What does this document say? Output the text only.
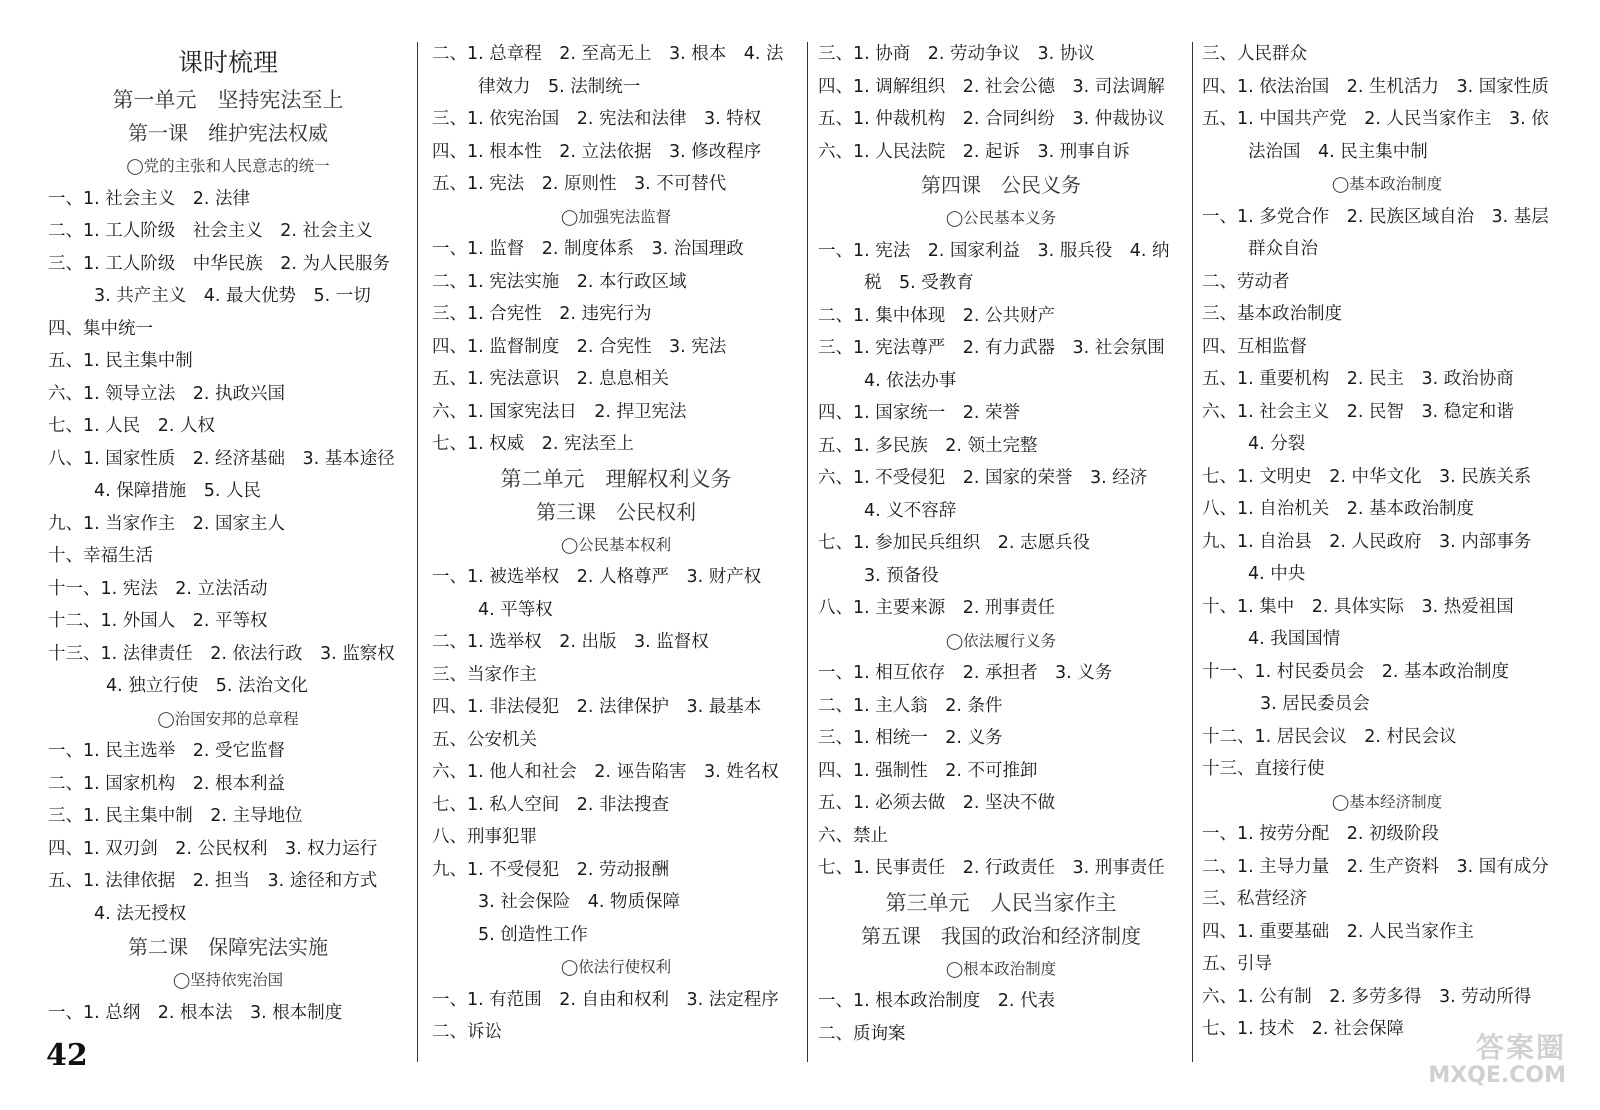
课时梳理
第一单元　坚持宪法至上
第一课　维护宪法权威
◯党的主张和人民意志的统一
一、1. 社会主义　2. 法律
二、1. 工人阶级　社会主义　2. 社会主义
三、1. 工人阶级　中华民族　2. 为人民服务
3. 共产主义　4. 最大优势　5. 一切
四、集中统一
五、1. 民主集中制
六、1. 领导立法　2. 执政兴国
七、1. 人民　2. 人权
八、1. 国家性质　2. 经济基础　3. 基本途径
4. 保障措施　5. 人民
九、1. 当家作主　2. 国家主人
十、幸福生活
十一、1. 宪法　2. 立法活动
十二、1. 外国人　2. 平等权
十三、1. 法律责任　2. 依法行政　3. 监察权
4. 独立行使　5. 法治文化
◯治国安邦的总章程
一、1. 民主选举　2. 受它监督
二、1. 国家机构　2. 根本利益
三、1. 民主集中制　2. 主导地位
四、1. 双刃剑　2. 公民权利　3. 权力运行
五、1. 法律依据　2. 担当　3. 途径和方式
4. 法无授权
第二课　保障宪法实施
◯坚持依宪治国
一、1. 总纲　2. 根本法　3. 根本制度
二、1. 总章程　2. 至高无上　3. 根本　4. 法
律效力　5. 法制统一
三、1. 依宪治国　2. 宪法和法律　3. 特权
四、1. 根本性　2. 立法依据　3. 修改程序
五、1. 宪法　2. 原则性　3. 不可替代
◯加强宪法监督
一、1. 监督　2. 制度体系　3. 治国理政
二、1. 宪法实施　2. 本行政区域
三、1. 合宪性　2. 违宪行为
四、1. 监督制度　2. 合宪性　3. 宪法
五、1. 宪法意识　2. 息息相关
六、1. 国家宪法日　2. 捍卫宪法
七、1. 权威　2. 宪法至上
第二单元　理解权利义务
第三课　公民权利
◯公民基本权利
一、1. 被选举权　2. 人格尊严　3. 财产权
4. 平等权
二、1. 选举权　2. 出版　3. 监督权
三、当家作主
四、1. 非法侵犯　2. 法律保护　3. 最基本
五、公安机关
六、1. 他人和社会　2. 诬告陷害　3. 姓名权
七、1. 私人空间　2. 非法搜查
八、刑事犯罪
九、1. 不受侵犯　2. 劳动报酬
3. 社会保险　4. 物质保障
5. 创造性工作
◯依法行使权利
一、1. 有范围　2. 自由和权利　3. 法定程序
二、诉讼
三、1. 协商　2. 劳动争议　3. 协议
四、1. 调解组织　2. 社会公德　3. 司法调解
五、1. 仲裁机构　2. 合同纠纷　3. 仲裁协议
六、1. 人民法院　2. 起诉　3. 刑事自诉
第四课　公民义务
◯公民基本义务
一、1. 宪法　2. 国家利益　3. 服兵役　4. 纳
税　5. 受教育
二、1. 集中体现　2. 公共财产
三、1. 宪法尊严　2. 有力武器　3. 社会氛围
4. 依法办事
四、1. 国家统一　2. 荣誉
五、1. 多民族　2. 领土完整
六、1. 不受侵犯　2. 国家的荣誉　3. 经济
4. 义不容辞
七、1. 参加民兵组织　2. 志愿兵役
3. 预备役
八、1. 主要来源　2. 刑事责任
◯依法履行义务
一、1. 相互依存　2. 承担者　3. 义务
二、1. 主人翁　2. 条件
三、1. 相统一　2. 义务
四、1. 强制性　2. 不可推卸
五、1. 必须去做　2. 坚决不做
六、禁止
七、1. 民事责任　2. 行政责任　3. 刑事责任
第三单元　人民当家作主
第五课　我国的政治和经济制度
◯根本政治制度
一、1. 根本政治制度　2. 代表
二、质询案
三、人民群众
四、1. 依法治国　2. 生机活力　3. 国家性质
五、1. 中国共产党　2. 人民当家作主　3. 依
法治国　4. 民主集中制
◯基本政治制度
一、1. 多党合作　2. 民族区域自治　3. 基层
群众自治
二、劳动者
三、基本政治制度
四、互相监督
五、1. 重要机构　2. 民主　3. 政治协商
六、1. 社会主义　2. 民智　3. 稳定和谐
4. 分裂
七、1. 文明史　2. 中华文化　3. 民族关系
八、1. 自治机关　2. 基本政治制度
九、1. 自治县　2. 人民政府　3. 内部事务
4. 中央
十、1. 集中　2. 具体实际　3. 热爱祖国
4. 我国国情
十一、1. 村民委员会　2. 基本政治制度
3. 居民委员会
十二、1. 居民会议　2. 村民会议
十三、直接行使
◯基本经济制度
一、1. 按劳分配　2. 初级阶段
二、1. 主导力量　2. 生产资料　3. 国有成分
三、私营经济
四、1. 重要基础　2. 人民当家作主
五、引导
六、1. 公有制　2. 多劳多得　3. 劳动所得
七、1. 技术　2. 社会保障
42	答案圈
MXQE.COM
